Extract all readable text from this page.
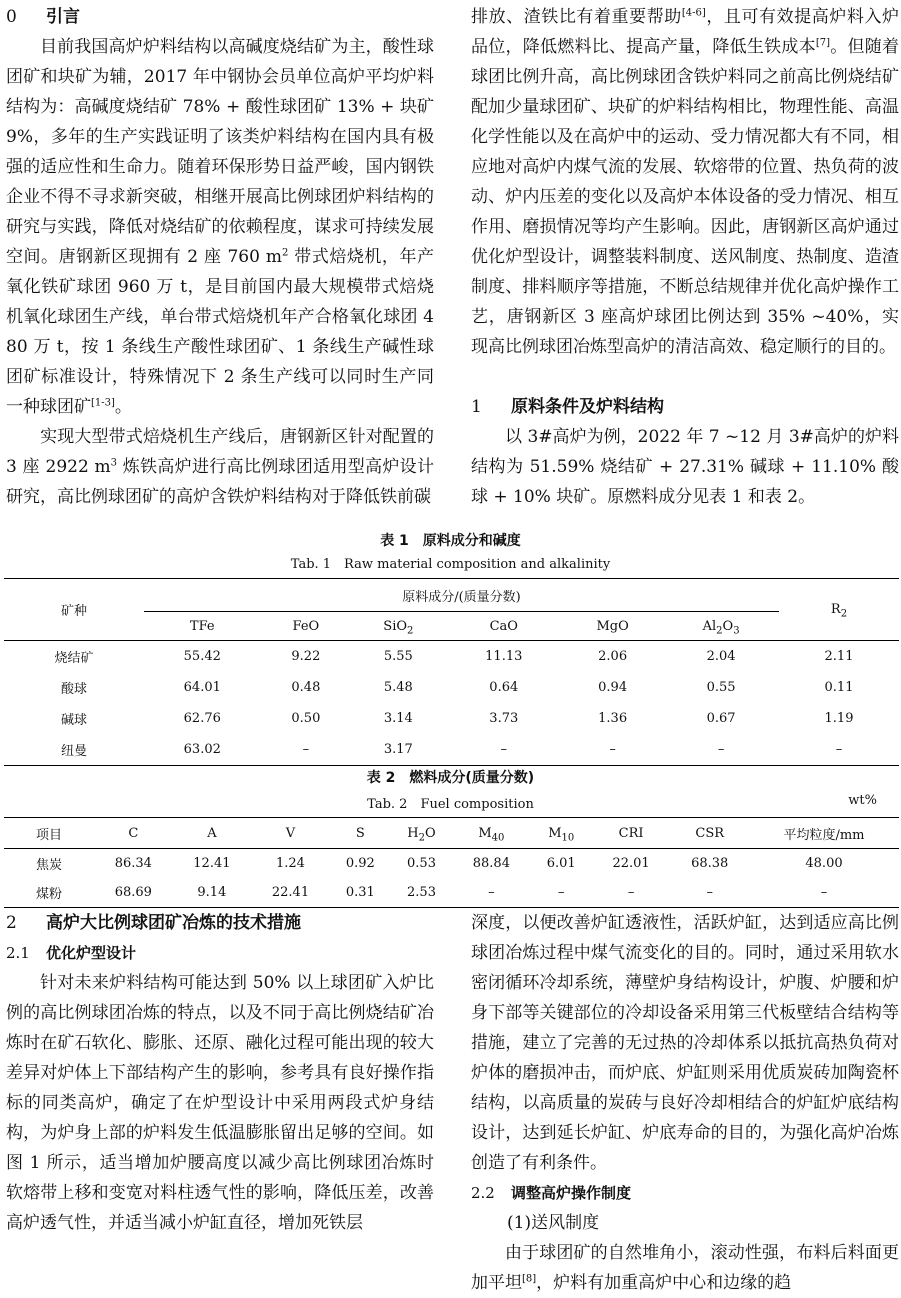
0 引言

目前我国高炉炉料结构以高碱度烧结矿为主，酸性球团矿和块矿为辅，2017 年中钢协会员单位高炉平均炉料结构为：高碱度烧结矿 78% + 酸性球团矿 13% + 块矿 9%，多年的生产实践证明了该类炉料结构在国内具有极强的适应性和生命力。随着环保形势日益严峻，国内钢铁企业不得不寻求新突破，相继开展高比例球团炉料结构的研究与实践，降低对烧结矿的依赖程度，谋求可持续发展空间。唐钢新区现拥有 2 座 760 $m^2$ 带式焙烧机，年产氧化铁矿球团 960 万 t，是目前国内最大规模带式焙烧机氧化球团生产线，单台带式焙烧机年产合格氧化球团 480 万 t，按 1 条线生产酸性球团矿、1 条线生产碱性球团矿标准设计，特殊情况下 2 条生产线可以同时生产同一种球团矿[1-3]。
实现大型带式焙烧机生产线后，唐钢新区针对配置的 3 座 2922 $m^3$ 炼铁高炉进行高比例球团适用型高炉设计研究，高比例球团矿的高炉含铁炉料结构对于降低铁前碳

排放、渣铁比有着重要帮助[4-6]，且可有效提高炉料入炉品位，降低燃料比、提高产量，降低生铁成本[7]。但随着球团比例升高，高比例球团含铁炉料同之前高比例烧结矿配加少量球团矿、块矿的炉料结构相比，物理性能、高温化学性能以及在高炉中的运动、受力情况都大有不同，相应地对高炉内煤气流的发展、软熔带的位置、热负荷的波动、炉内压差的变化以及高炉本体设备的受力情况、相互作用、磨损情况等均产生影响。因此，唐钢新区高炉通过优化炉型设计，调整装料制度、送风制度、热制度、造渣制度、排料顺序等措施，不断总结规律并优化高炉操作工艺，唐钢新区 3 座高炉球团比例达到 35% ~40%，实现高比例球团冶炼型高炉的清洁高效、稳定顺行的目的。

1 原料条件及炉料结构

以 3#高炉为例，2022 年 7 ~12 月 3#高炉的炉料结构为 51.59% 烧结矿 + 27.31% 碱球 + 11.10% 酸球 + 10% 块矿。原燃料成分见表 1 和表 2。

表 1　原料成分和碱度
Tab. 1　Raw material composition and alkalinity
矿种	原料成分/(质量分数)						$R_2$
	TFe	FeO	SiO$_2$	CaO	MgO	$Al_2O_3$
烧结矿	55.42	9.22	5.55	11.13	2.06	2.04	2.11
酸球	64.01	0.48	5.48	0.64	0.94	0.55	0.11
碱球	62.76	0.50	3.14	3.73	1.36	0.67	1.19
纽曼	63.02	–	3.17	–	–	–	–
表 2　燃料成分(质量分数)
Tab. 2　Fuel composition	wt%
项目	C	A	V	S	$H_2O$	$M_{40}$	$M_{10}$	CRI	CSR	平均粒度/mm
焦炭	86.34	12.41	1.24	0.92	0.53	88.84	6.01	22.01	68.38	48.00
煤粉	68.69	9.14	22.41	0.31	2.53	–	–	–	–	–
2 高炉大比例球团矿冶炼的技术措施
2.1 优化炉型设计

针对未来炉料结构可能达到 50% 以上球团矿入炉比例的高比例球团冶炼的特点，以及不同于高比例烧结矿冶炼时在矿石软化、膨胀、还原、融化过程可能出现的较大差异对炉体上下部结构产生的影响，参考具有良好操作指标的同类高炉，确定了在炉型设计中采用两段式炉身结构，为炉身上部的炉料发生低温膨胀留出足够的空间。如图 1 所示，适当增加炉腰高度以减少高比例球团冶炼时软熔带上移和变宽对料柱透气性的影响，降低压差，改善高炉透气性，并适当减小炉缸直径，增加死铁层

深度，以便改善炉缸透液性，活跃炉缸，达到适应高比例球团冶炼过程中煤气流变化的目的。同时，通过采用软水密闭循环冷却系统，薄壁炉身结构设计，炉腹、炉腰和炉身下部等关键部位的冷却设备采用第三代板壁结合结构等措施，建立了完善的无过热的冷却体系以抵抗高热负荷对炉体的磨损冲击，而炉底、炉缸则采用优质炭砖加陶瓷杯结构，以高质量的炭砖与良好冷却相结合的炉缸炉底结构设计，达到延长炉缸、炉底寿命的目的，为强化高炉冶炼创造了有利条件。

2.2 调整高炉操作制度
(1)送风制度

由于球团矿的自然堆角小，滚动性强，布料后料面更加平坦[8]，炉料有加重高炉中心和边缘的趋
